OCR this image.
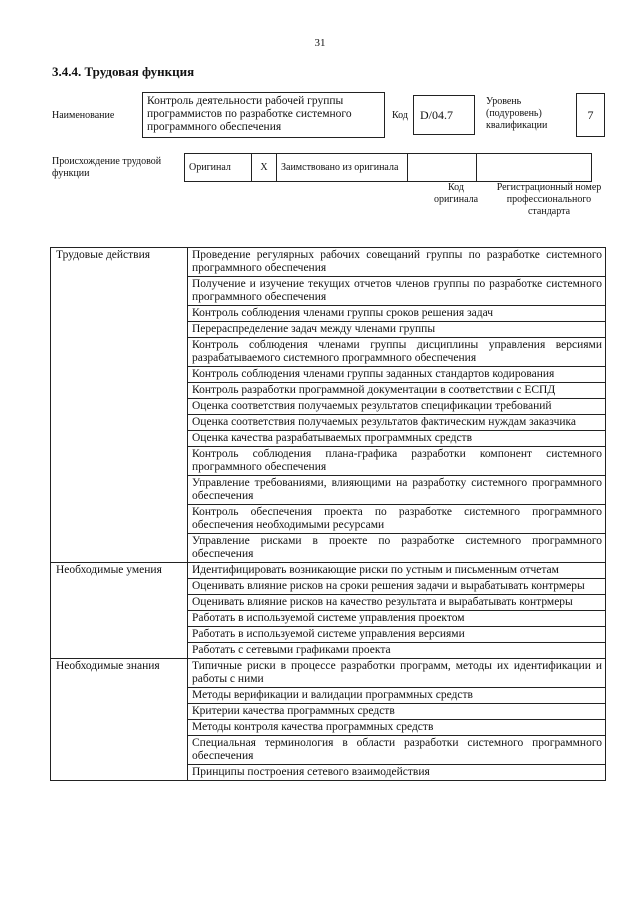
31
3.4.4. Трудовая функция
Наименование
Контроль деятельности рабочей группы программистов по разработке системного программного обеспечения
Код	D/04.7
Уровень (подуровень) квалификации
7
Происхождение трудовой функции
Оригинал	X	Заимствовано из оригинала		
Код оригинала
Регистрационный номер профессионального стандарта
Трудовые действия	Проведение регулярных рабочих совещаний группы по разработке системного программного обеспечения
	Получение и изучение текущих отчетов членов группы по разработке системного программного обеспечения
	Контроль соблюдения членами группы сроков решения задач
	Перераспределение задач между членами группы
	Контроль соблюдения членами группы дисциплины управления версиями разрабатываемого системного программного обеспечения
	Контроль соблюдения членами группы заданных стандартов кодирования
	Контроль разработки программной документации в соответствии с ЕСПД
	Оценка соответствия получаемых результатов спецификации требований
	Оценка соответствия получаемых результатов фактическим нуждам заказчика
	Оценка качества разрабатываемых программных средств
	Контроль соблюдения плана-графика разработки компонент системного программного обеспечения
	Управление требованиями, влияющими на разработку системного программного обеспечения
	Контроль обеспечения проекта по разработке системного программного обеспечения необходимыми ресурсами
	Управление рисками в проекте по разработке системного программного обеспечения
Необходимые умения	Идентифицировать возникающие риски по устным и письменным отчетам
	Оценивать влияние рисков на сроки решения задачи и вырабатывать контрмеры
	Оценивать влияние рисков на качество результата и вырабатывать контрмеры
	Работать в используемой системе управления проектом
	Работать в используемой системе управления версиями
	Работать с сетевыми графиками проекта
Необходимые знания	Типичные риски в процессе разработки программ, методы их идентификации и работы с ними
	Методы верификации и валидации программных средств
	Критерии качества программных средств
	Методы контроля качества программных средств
	Специальная терминология в области разработки системного программного обеспечения
	Принципы построения сетевого взаимодействия
